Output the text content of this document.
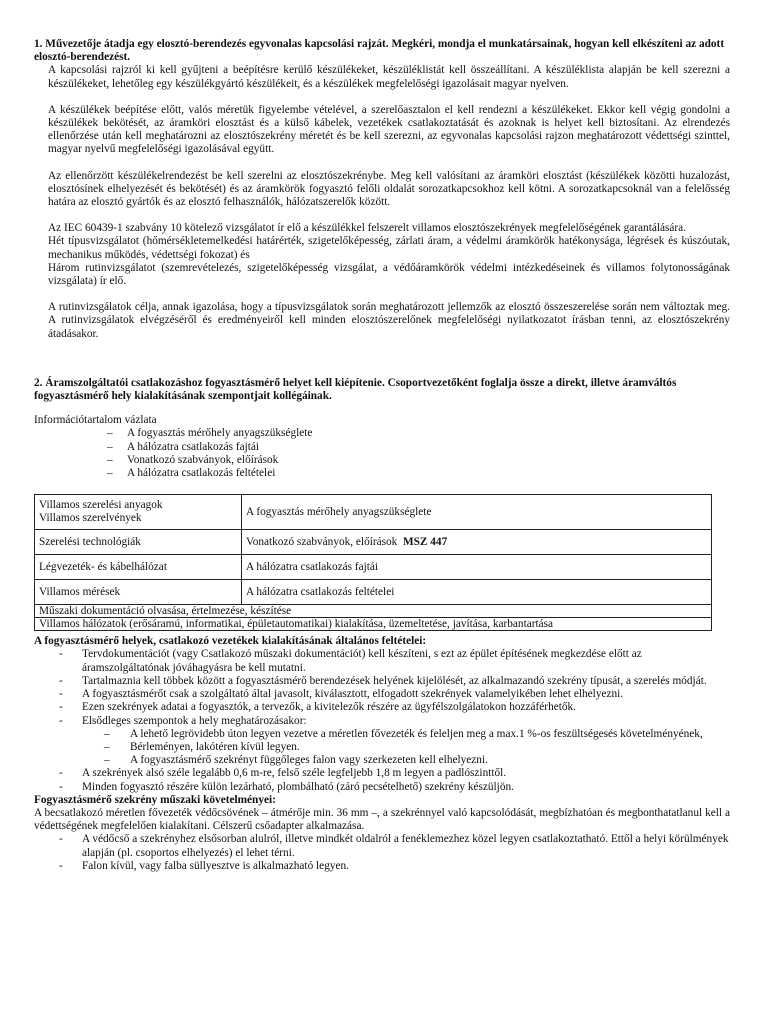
1. Művezetője átadja egy elosztó-berendezés egyvonalas kapcsolási rajzát. Megkéri, mondja el munkatársainak, hogyan kell elkészíteni az adott elosztó-berendezést.

A kapcsolási rajzról ki kell gyűjteni a beépítésre kerülő készülékeket, készüléklistát kell összeállítani. A készüléklista alapján be kell szerezni a készülékeket, lehetőleg egy készülékgyártó készülékeit, és a készülékek megfelelőségi igazolásait magyar nyelven.

A készülékek beépítése előtt, valós méretük figyelembe vételével, a szerelőasztalon el kell rendezni a készülékeket. Ekkor kell végig gondolni a készülékek bekötését, az áramköri elosztást és a külső kábelek, vezetékek csatlakoztatását és azoknak is helyet kell biztosítani. Az elrendezés ellenőrzése után kell meghatározni az elosztószekrény méretét és be kell szerezni, az egyvonalas kapcsolási rajzon meghatározott védettségi szinttel, magyar nyelvű megfelelőségi igazolásával együtt.

Az ellenőrzött készülékelrendezést be kell szerelni az elosztószekrénybe. Meg kell valósítani az áramköri elosztást (készülékek közötti huzalozást, elosztósínek elhelyezését és bekötését) és az áramkörök fogyasztó felőli oldalát sorozatkapcsokhoz kell kötni. A sorozatkapcsoknál van a felelősség határa az elosztó gyártók és az elosztó felhasználók, hálózatszerelők között.

Az IEC 60439-1 szabvány 10 kötelező vizsgálatot ír elő a készülékkel felszerelt villamos elosztószekrények megfelelőségének garantálására.

Hét típusvizsgálatot (hőmérsékletemelkedési határérték, szigetelőképesség, zárlati áram, a védelmi áramkörök hatékonysága, légrések és kúszóutak, mechanikus működés, védettségi fokozat) és

Három rutinvizsgálatot (szemrevételezés, szigetelőképesség vizsgálat, a védőáramkörök védelmi intézkedéseinek és villamos folytonosságának vizsgálata) ír elő.

A rutinvizsgálatok célja, annak igazolása, hogy a típusvizsgálatok során meghatározott jellemzők az elosztó összeszerelése során nem változtak meg. A rutinvizsgálatok elvégzéséről és eredményeiről kell minden elosztószerelőnek megfelelőségi nyilatkozatot írásban tenni, az elosztószekrény átadásakor.

2. Áramszolgáltatói csatlakozáshoz fogyasztásmérő helyet kell kiépítenie. Csoportvezetőként foglalja össze a direkt, illetve áramváltós fogyasztásmérő hely kialakításának szempontjait kollégáinak.

Információtartalom vázlata

– A fogyasztás mérőhely anyagszükséglete
– A hálózatra csatlakozás fajtái
– Vonatkozó szabványok, előírások
– A hálózatra csatlakozás feltételei
Villamos szerelési anyagok
Villamos szerelvények	A fogyasztás mérőhely anyagszükséglete
Szerelési technológiák	Vonatkozó szabványok, előírások MSZ 447
Légvezeték- és kábelhálózat	A hálózatra csatlakozás fajtái
Villamos mérések	A hálózatra csatlakozás feltételei
Műszaki dokumentáció olvasása, értelmezése, készítése	
Villamos hálózatok (erősáramú, informatikai, épületautomatikai) kialakítása, üzemeltetése, javítása, karbantartása	

A fogyasztásmérő helyek, csatlakozó vezetékek kialakításának általános feltételei:

- Tervdokumentációt (vagy Csatlakozó műszaki dokumentációt) kell készíteni, s ezt az épület építésének megkezdése előtt az áramszolgáltatónak jóváhagyásra be kell mutatni.
- Tartalmaznia kell többek között a fogyasztásmérő berendezések helyének kijelölését, az alkalmazandó szekrény típusát, a szerelés módját.
- A fogyasztásmérőt csak a szolgáltató által javasolt, kiválasztott, elfogadott szekrények valamelyikében lehet elhelyezni.
- Ezen szekrények adatai a fogyasztók, a tervezők, a kivitelezők részére az ügyfélszolgálatokon hozzáférhetők.
- Elsődleges szempontok a hely meghatározásakor:
– A lehető legrövidebb úton legyen vezetve a méretlen fővezeték és feleljen meg a max.1 %-os feszültségesés követelményének,
– Bérleményen, lakótéren kívül legyen.
– A fogyasztásmérő szekrényt függőleges falon vagy szerkezeten kell elhelyezni.
- A szekrények alsó széle legalább 0,6 m-re, felső széle legfeljebb 1,8 m legyen a padlószinttől.
- Minden fogyasztó részére külön lezárható, plombálható (záró pecsételhető) szekrény készüljön.

Fogyasztásmérő szekrény műszaki követelményei:

A becsatlakozó méretlen fővezeték védőcsövének – átmérője min. 36 mm –, a szekrénnyel való kapcsolódását, megbízhatóan és megbonthatatlanul kell a védettségének megfelelően kialakítani. Célszerű csőadapter alkalmazása.

- A védőcső a szekrényhez elsősorban alulról, illetve mindkét oldalról a fenéklemezhez közel legyen csatlakoztatható. Ettől a helyi körülmények alapján (pl. csoportos elhelyezés) el lehet térni.
- Falon kívül, vagy falba süllyesztve is alkalmazható legyen.
